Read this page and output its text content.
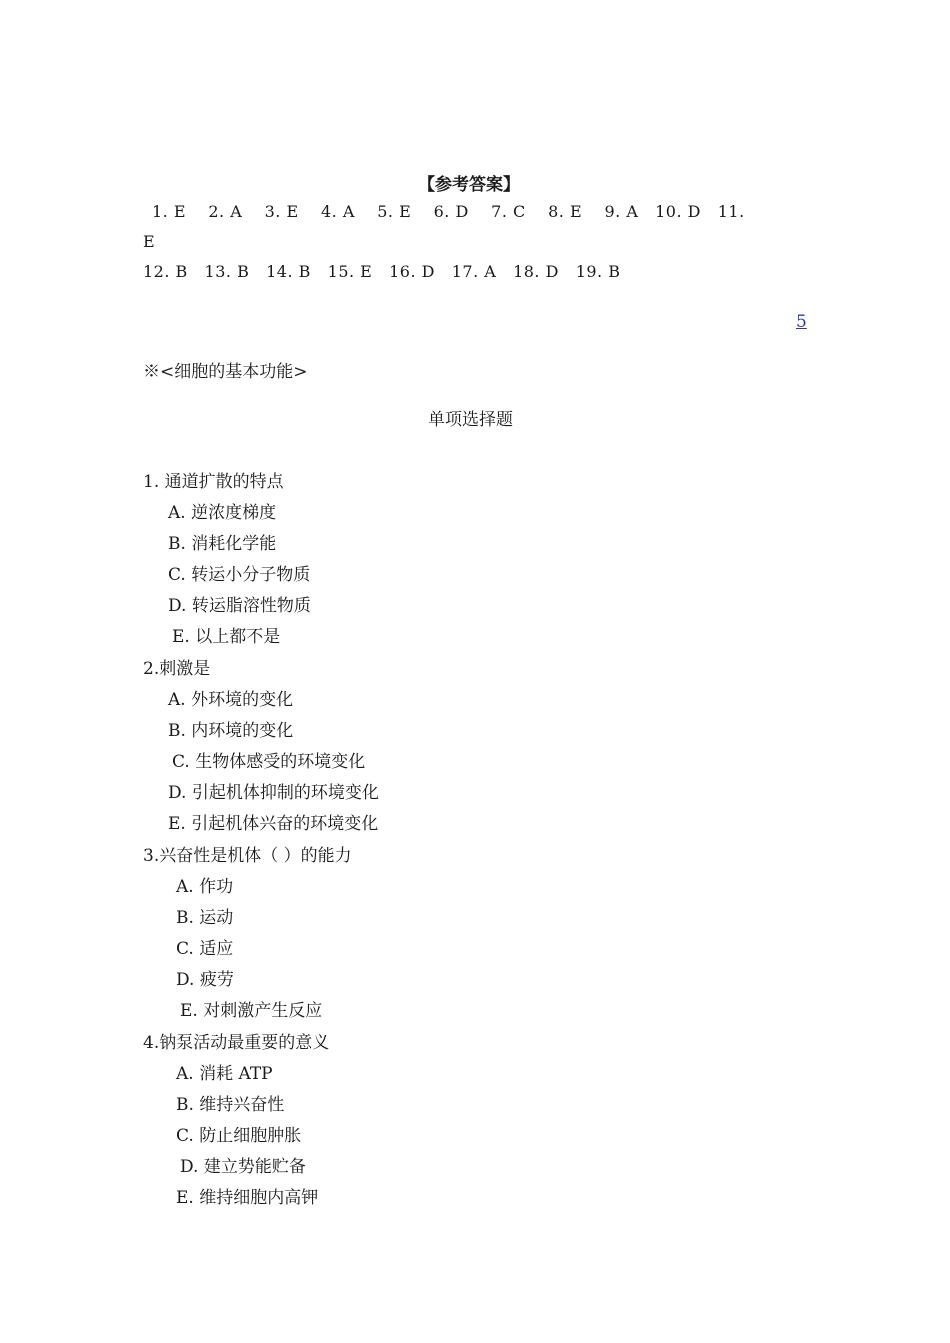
【参考答案】
1. E    2. A    3. E    4. A    5. E    6. D    7. C    8. E    9. A   10. D   11.
E
12. B   13. B   14. B   15. E   16. D   17. A   18. D   19. B
5
※<细胞的基本功能>
单项选择题
1. 通道扩散的特点
A. 逆浓度梯度
B. 消耗化学能
C. 转运小分子物质
D. 转运脂溶性物质
E. 以上都不是
2.刺激是
A. 外环境的变化
B. 内环境的变化
C. 生物体感受的环境变化
D. 引起机体抑制的环境变化
E. 引起机体兴奋的环境变化
3.兴奋性是机体（ ）的能力
A. 作功
B. 运动
C. 适应
D. 疲劳
E. 对刺激产生反应
4.钠泵活动最重要的意义
A. 消耗 ATP
B. 维持兴奋性
C. 防止细胞肿胀
D. 建立势能贮备
E. 维持细胞内高钾
